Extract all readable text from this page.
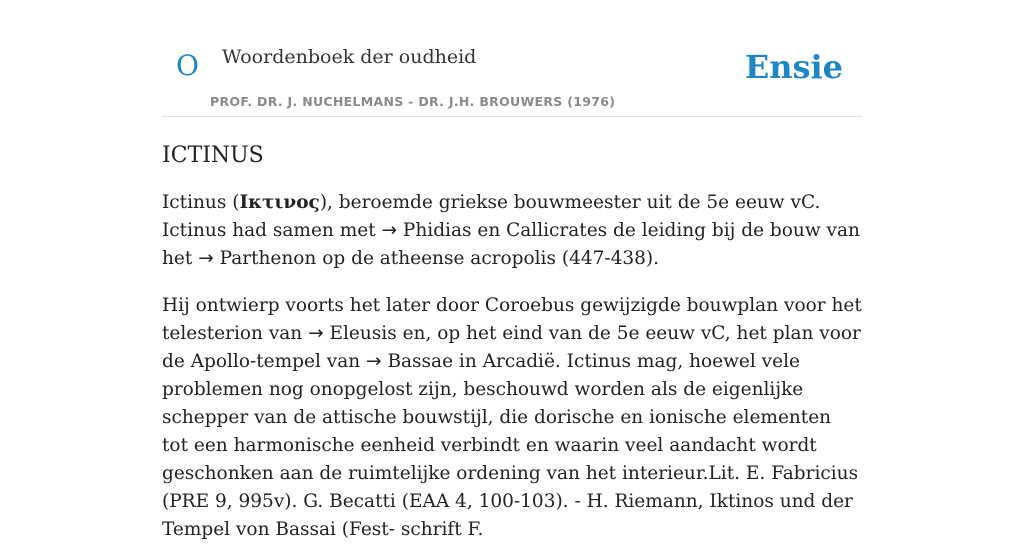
O Woordenboek der oudheid	Ensie
PROF. DR. J. NUCHELMANS - DR. J.H. BROUWERS (1976)
ICTINUS

Ictinus (Ικτινος), beroemde griekse bouwmeester uit de 5e eeuw vC. Ictinus had samen met → Phidias en Callicrates de leiding bij de bouw van het → Parthenon op de atheense acropolis (447-438).

Hij ontwierp voorts het later door Coroebus gewijzigde bouwplan voor het telesterion van → Eleusis en, op het eind van de 5e eeuw vC, het plan voor de Apollo-tempel van → Bassae in Arcadië. Ictinus mag, hoewel vele problemen nog onopgelost zijn, beschouwd worden als de eigenlijke schepper van de attische bouwstijl, die dorische en ionische elementen tot een harmonische eenheid verbindt en waarin veel aandacht wordt geschonken aan de ruimtelijke ordening van het interieur.Lit. E. Fabricius (PRE 9, 995v). G. Becatti (EAA 4, 100-103). - H. Riemann, Iktinos und der Tempel von Bassai (Fest- schrift F.
